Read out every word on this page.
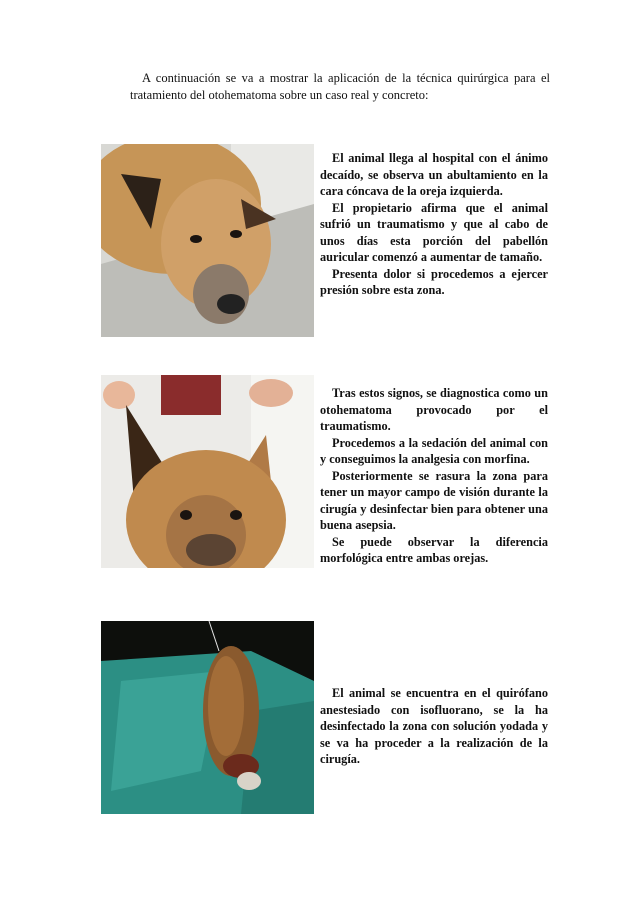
A continuación se va a mostrar la aplicación de la técnica quirúrgica para el tratamiento del otohematoma sobre un caso real y concreto:

El animal llega al hospital con el ánimo decaído, se observa un abultamiento en la cara cóncava de la oreja izquierda.

El propietario afirma que el animal sufrió un traumatismo y que al cabo de unos días esta porción del pabellón auricular comenzó a aumentar de tamaño.

Presenta dolor si procedemos a ejercer presión sobre esta zona.

Tras estos signos, se diagnostica como un otohematoma provocado por el traumatismo.

Procedemos a la sedación del animal con y conseguimos la analgesia con morfina.

Posteriormente se rasura la zona para tener un mayor campo de visión durante la cirugía y desinfectar bien para obtener una buena asepsia.

Se puede observar la diferencia morfológica entre ambas orejas.

El animal se encuentra en el quirófano anestesiado con isofluorano, se la ha desinfectado la zona con solución yodada y se va ha proceder a la realización de la cirugía.
